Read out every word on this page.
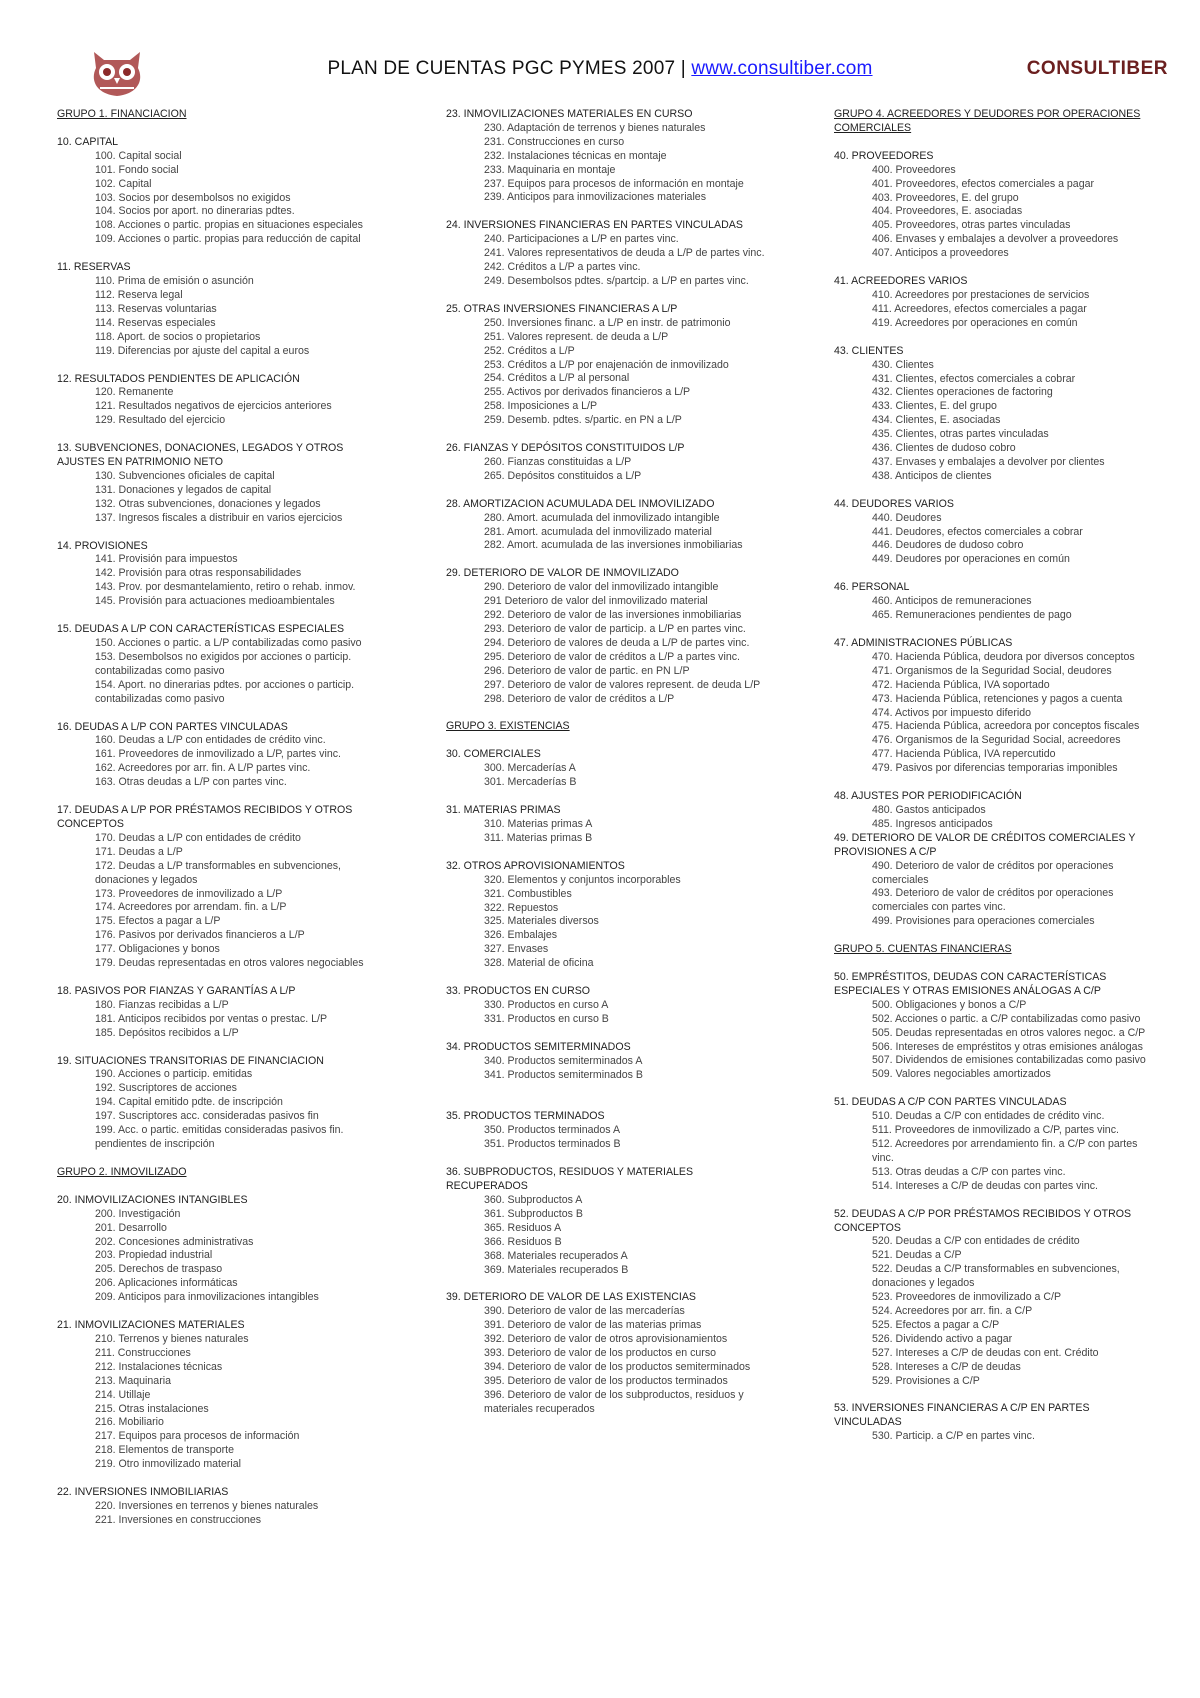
PLAN DE CUENTAS PGC PYMES 2007 | www.consultiber.com	CONSULTIBER
GRUPO 1. FINANCIACION
10. CAPITAL
100. Capital social
101. Fondo social
102. Capital
103. Socios por desembolsos no exigidos
104. Socios por aport. no dinerarias pdtes.
108. Acciones o partic. propias en situaciones especiales
109. Acciones o partic. propias para reducción de capital
11. RESERVAS
110. Prima de emisión o asunción
112. Reserva legal
113. Reservas voluntarias
114. Reservas especiales
118. Aport. de socios o propietarios
119. Diferencias por ajuste del capital a euros
12. RESULTADOS PENDIENTES DE APLICACIÓN
120. Remanente
121. Resultados negativos de ejercicios anteriores
129. Resultado del ejercicio
13. SUBVENCIONES, DONACIONES, LEGADOS Y OTROS AJUSTES EN PATRIMONIO NETO
130. Subvenciones oficiales de capital
131. Donaciones y legados de capital
132. Otras subvenciones, donaciones y legados
137. Ingresos fiscales a distribuir en varios ejercicios
14. PROVISIONES
141. Provisión para impuestos
142. Provisión para otras responsabilidades
143. Prov. por desmantelamiento, retiro o rehab. inmov.
145. Provisión para actuaciones medioambientales
15. DEUDAS A L/P CON CARACTERÍSTICAS ESPECIALES
150. Acciones o partic. a L/P contabilizadas como pasivo
153. Desembolsos no exigidos por acciones o particip. contabilizadas como pasivo
154. Aport. no dinerarias pdtes. por acciones o particip. contabilizadas como pasivo
16. DEUDAS A L/P CON PARTES VINCULADAS
160. Deudas a L/P con entidades de crédito vinc.
161. Proveedores de inmovilizado a L/P, partes vinc.
162. Acreedores por arr. fin. A L/P partes vinc.
163. Otras deudas a L/P con partes vinc.
17. DEUDAS A L/P POR PRÉSTAMOS RECIBIDOS Y OTROS CONCEPTOS
170. Deudas a L/P con entidades de crédito
171. Deudas a L/P
172. Deudas a L/P transformables en subvenciones, donaciones y legados
173. Proveedores de inmovilizado a L/P
174. Acreedores por arrendam. fin. a L/P
175. Efectos a pagar a L/P
176. Pasivos por derivados financieros a L/P
177. Obligaciones y bonos
179. Deudas representadas en otros valores negociables
18. PASIVOS POR FIANZAS Y GARANTÍAS A L/P
180. Fianzas recibidas a L/P
181. Anticipos recibidos por ventas o prestac. L/P
185. Depósitos recibidos a L/P
19. SITUACIONES TRANSITORIAS DE FINANCIACION
190. Acciones o particip. emitidas
192. Suscriptores de acciones
194. Capital emitido pdte. de inscripción
197. Suscriptores acc. consideradas pasivos fin
199. Acc. o partic. emitidas consideradas pasivos fin. pendientes de inscripción
GRUPO 2. INMOVILIZADO
20. INMOVILIZACIONES INTANGIBLES
200. Investigación
201. Desarrollo
202. Concesiones administrativas
203. Propiedad industrial
205. Derechos de traspaso
206. Aplicaciones informáticas
209. Anticipos para inmovilizaciones intangibles
21. INMOVILIZACIONES MATERIALES
210. Terrenos y bienes naturales
211. Construcciones
212. Instalaciones técnicas
213. Maquinaria
214. Utillaje
215. Otras instalaciones
216. Mobiliario
217. Equipos para procesos de información
218. Elementos de transporte
219. Otro inmovilizado material
22. INVERSIONES INMOBILIARIAS
220. Inversiones en terrenos y bienes naturales
221. Inversiones en construcciones
23. INMOVILIZACIONES MATERIALES EN CURSO
230. Adaptación de terrenos y bienes naturales
231. Construcciones en curso
232. Instalaciones técnicas en montaje
233. Maquinaria en montaje
237. Equipos para procesos de información en montaje
239. Anticipos para inmovilizaciones materiales
24. INVERSIONES FINANCIERAS EN PARTES VINCULADAS
240. Participaciones a L/P en partes vinc.
241. Valores representativos de deuda a L/P de partes vinc.
242. Créditos a L/P a partes vinc.
249. Desembolsos pdtes. s/partcip. a L/P en partes vinc.
25. OTRAS INVERSIONES FINANCIERAS A L/P
250. Inversiones financ. a L/P en instr. de patrimonio
251. Valores represent. de deuda a L/P
252. Créditos a L/P
253. Créditos a L/P por enajenación de inmovilizado
254. Créditos a L/P al personal
255. Activos por derivados financieros a L/P
258. Imposiciones a L/P
259. Desemb. pdtes. s/partic. en PN a L/P
26. FIANZAS Y DEPÓSITOS CONSTITUIDOS L/P
260. Fianzas constituidas a L/P
265. Depósitos constituidos a L/P
28. AMORTIZACION ACUMULADA DEL INMOVILIZADO
280. Amort. acumulada del inmovilizado intangible
281. Amort. acumulada del inmovilizado material
282. Amort. acumulada de las inversiones inmobiliarias
29. DETERIORO DE VALOR DE INMOVILIZADO
290. Deterioro de valor del inmovilizado intangible
291 Deterioro de valor del inmovilizado material
292. Deterioro de valor de las inversiones inmobiliarias
293. Deterioro de valor de particip. a L/P en partes vinc.
294. Deterioro de valores de deuda a L/P de partes vinc.
295. Deterioro de valor de créditos a L/P a partes vinc.
296. Deterioro de valor de partic. en PN L/P
297. Deterioro de valor de valores represent. de deuda L/P
298. Deterioro de valor de créditos a L/P
GRUPO 3. EXISTENCIAS
30. COMERCIALES
300. Mercaderías A
301. Mercaderías B
31. MATERIAS PRIMAS
310. Materias primas A
311. Materias primas B
32. OTROS APROVISIONAMIENTOS
320. Elementos y conjuntos incorporables
321. Combustibles
322. Repuestos
325. Materiales diversos
326. Embalajes
327. Envases
328. Material de oficina
33. PRODUCTOS EN CURSO
330. Productos en curso A
331. Productos en curso B
34. PRODUCTOS SEMITERMINADOS
340. Productos semiterminados A
341. Productos semiterminados B
35. PRODUCTOS TERMINADOS
350. Productos terminados A
351. Productos terminados B
36. SUBPRODUCTOS, RESIDUOS Y MATERIALES RECUPERADOS
360. Subproductos A
361. Subproductos B
365. Residuos A
366. Residuos B
368. Materiales recuperados A
369. Materiales recuperados B
39. DETERIORO DE VALOR DE LAS EXISTENCIAS
390. Deterioro de valor de las mercaderías
391. Deterioro de valor de las materias primas
392. Deterioro de valor de otros aprovisionamientos
393. Deterioro de valor de los productos en curso
394. Deterioro de valor de los productos semiterminados
395. Deterioro de valor de los productos terminados
396. Deterioro de valor de los subproductos, residuos y materiales recuperados
GRUPO 4. ACREEDORES Y DEUDORES POR OPERACIONES COMERCIALES
40. PROVEEDORES
400. Proveedores
401. Proveedores, efectos comerciales a pagar
403. Proveedores, E. del grupo
404. Proveedores, E. asociadas
405. Proveedores, otras partes vinculadas
406. Envases y embalajes a devolver a proveedores
407. Anticipos a proveedores
41. ACREEDORES VARIOS
410. Acreedores por prestaciones de servicios
411. Acreedores, efectos comerciales a pagar
419. Acreedores por operaciones en común
43. CLIENTES
430. Clientes
431. Clientes, efectos comerciales a cobrar
432. Clientes operaciones de factoring
433. Clientes, E. del grupo
434. Clientes, E. asociadas
435. Clientes, otras partes vinculadas
436. Clientes de dudoso cobro
437. Envases y embalajes a devolver por clientes
438. Anticipos de clientes
44. DEUDORES VARIOS
440. Deudores
441. Deudores, efectos comerciales a cobrar
446. Deudores de dudoso cobro
449. Deudores por operaciones en común
46. PERSONAL
460. Anticipos de remuneraciones
465. Remuneraciones pendientes de pago
47. ADMINISTRACIONES PÚBLICAS
470. Hacienda Pública, deudora por diversos conceptos
471. Organismos de la Seguridad Social, deudores
472. Hacienda Pública, IVA soportado
473. Hacienda Pública, retenciones y pagos a cuenta
474. Activos por impuesto diferido
475. Hacienda Pública, acreedora por conceptos fiscales
476. Organismos de la Seguridad Social, acreedores
477. Hacienda Pública, IVA repercutido
479. Pasivos por diferencias temporarias imponibles
48. AJUSTES POR PERIODIFICACIÓN
480. Gastos anticipados
485. Ingresos anticipados
49. DETERIORO DE VALOR DE CRÉDITOS COMERCIALES Y PROVISIONES A C/P
490. Deterioro de valor de créditos por operaciones comerciales
493. Deterioro de valor de créditos por operaciones comerciales con partes vinc.
499. Provisiones para operaciones comerciales
GRUPO 5. CUENTAS FINANCIERAS
50. EMPRÉSTITOS, DEUDAS CON CARACTERÍSTICAS ESPECIALES Y OTRAS EMISIONES ANÁLOGAS A C/P
500. Obligaciones y bonos a C/P
502. Acciones o partic. a C/P contabilizadas como pasivo
505. Deudas representadas en otros valores negoc. a C/P
506. Intereses de empréstitos y otras emisiones análogas
507. Dividendos de emisiones contabilizadas como pasivo
509. Valores negociables amortizados
51. DEUDAS A C/P CON PARTES VINCULADAS
510. Deudas a C/P con entidades de crédito vinc.
511. Proveedores de inmovilizado a C/P, partes vinc.
512. Acreedores por arrendamiento fin. a C/P con partes vinc.
513. Otras deudas a C/P con partes vinc.
514. Intereses a C/P de deudas con partes vinc.
52. DEUDAS A C/P POR PRÉSTAMOS RECIBIDOS Y OTROS CONCEPTOS
520. Deudas a C/P con entidades de crédito
521. Deudas a C/P
522. Deudas a C/P transformables en subvenciones, donaciones y legados
523. Proveedores de inmovilizado a C/P
524. Acreedores por arr. fin. a C/P
525. Efectos a pagar a C/P
526. Dividendo activo a pagar
527. Intereses a C/P de deudas con ent. Crédito
528. Intereses a C/P de deudas
529. Provisiones a C/P
53. INVERSIONES FINANCIERAS A C/P EN PARTES VINCULADAS
530. Particip. a C/P en partes vinc.
